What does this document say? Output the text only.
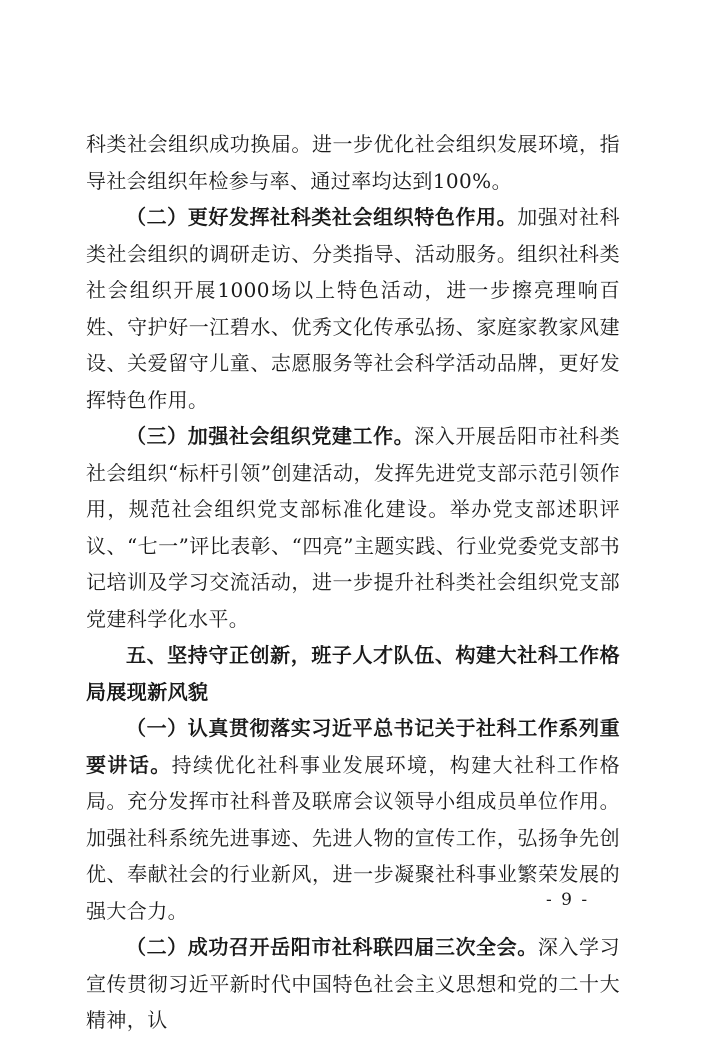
科类社会组织成功换届。进一步优化社会组织发展环境，指导社会组织年检参与率、通过率均达到100%。

（二）更好发挥社科类社会组织特色作用。加强对社科类社会组织的调研走访、分类指导、活动服务。组织社科类社会组织开展1000场以上特色活动，进一步擦亮理响百姓、守护好一江碧水、优秀文化传承弘扬、家庭家教家风建设、关爱留守儿童、志愿服务等社会科学活动品牌，更好发挥特色作用。

（三）加强社会组织党建工作。深入开展岳阳市社科类社会组织“标杆引领”创建活动，发挥先进党支部示范引领作用，规范社会组织党支部标准化建设。举办党支部述职评议、“七一”评比表彰、“四亮”主题实践、行业党委党支部书记培训及学习交流活动，进一步提升社科类社会组织党支部党建科学化水平。

五、坚持守正创新，班子人才队伍、构建大社科工作格局展现新风貌

（一）认真贯彻落实习近平总书记关于社科工作系列重要讲话。持续优化社科事业发展环境，构建大社科工作格局。充分发挥市社科普及联席会议领导小组成员单位作用。加强社科系统先进事迹、先进人物的宣传工作，弘扬争先创优、奉献社会的行业新风，进一步凝聚社科事业繁荣发展的强大合力。

（二）成功召开岳阳市社科联四届三次全会。深入学习宣传贯彻习近平新时代中国特色社会主义思想和党的二十大精神，认

- 9 -
